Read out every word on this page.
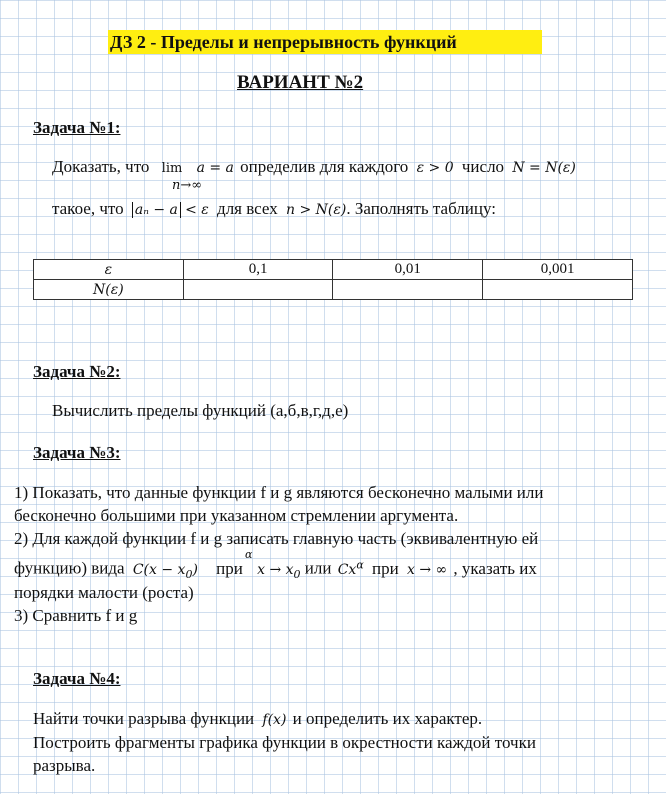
ДЗ 2 - Пределы и непрерывность функций
ВАРИАНТ №2
Задача №1:
Доказать, что lim a = a определив для каждого ε > 0 число N = N(ε)
n→∞
такое, что aₙ − a < ε для всех n > N(ε). Заполнять таблицу:
ε	0,1	0,01	0,001
N(ε)			
Задача №2:
Вычислить пределы функций (а,б,в,г,д,е)
Задача №3:
1) Показать, что данные функции f и g являются бесконечно малыми или
бесконечно большими при указанном стремлении аргумента.
2) Для каждой функции f и g записать главную часть (эквивалентную ей
функцию) вида $C(x - x_0)$ при $x \to x_0$ или $Cx^\alpha$ при x → ∞ , указать их
α
порядки малости (роста)
3) Сравнить f и g
Задача №4:
Найти точки разрыва функции f(x) и определить их характер.
Построить фрагменты графика функции в окрестности каждой точки
разрыва.
